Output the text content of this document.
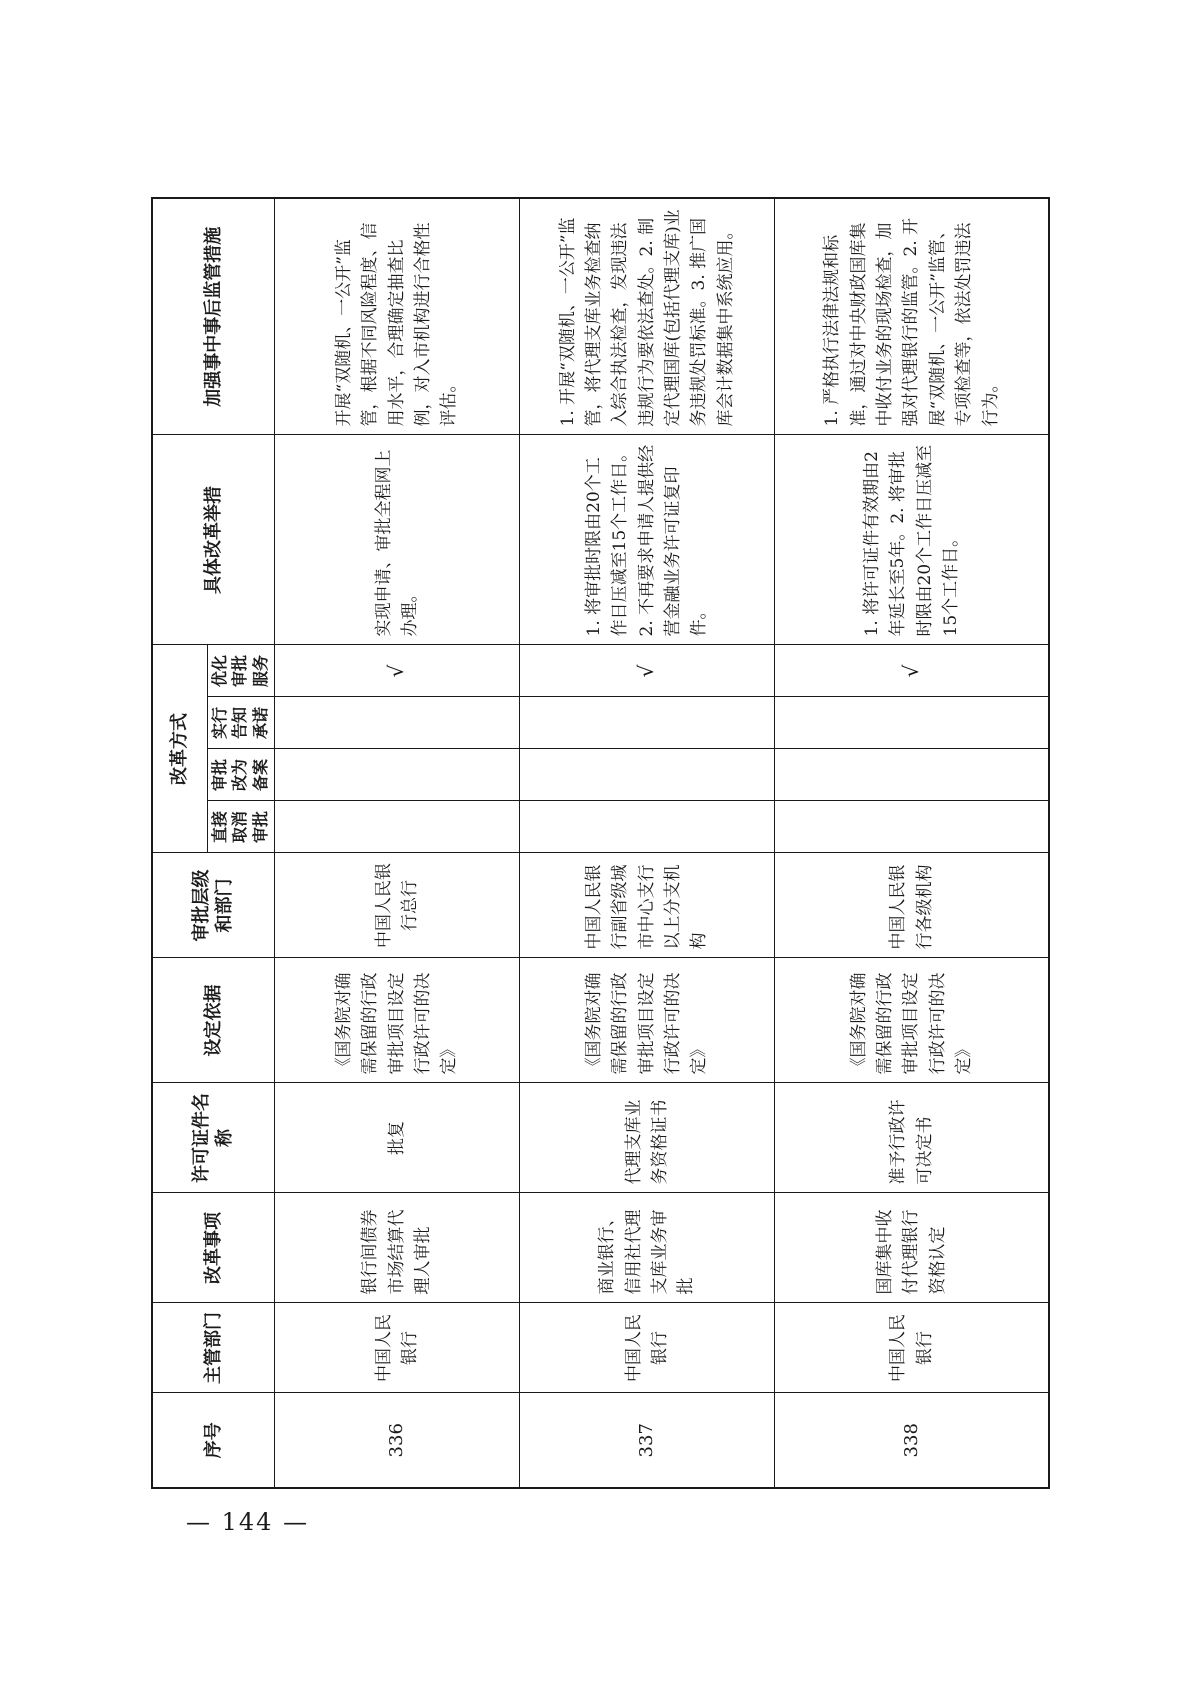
序号	主管部门	改革事项	许可证件名称	设定依据	审批层级和部门	改革方式				具体改革举措	加强事中事后监管措施
						直接取消审批	审批改为备案	实行告知承诺	优化审批服务		
336	中国人民银行	银行间债券市场结算代理人审批	批复	《国务院对确需保留的行政审批项目设定行政许可的决定》	中国人民银行总行				√	实现申请、审批全程网上办理。	开展“双随机、一公开”监管，根据不同风险程度、信用水平，合理确定抽查比例，对入市机构进行合格性评估。
337	中国人民银行	商业银行、信用社代理支库业务审批	代理支库业务资格证书	《国务院对确需保留的行政审批项目设定行政许可的决定》	中国人民银行副省级城市中心支行以上分支机构				√	1. 将审批时限由20个工作日压减至15个工作日。2. 不再要求申请人提供经营金融业务许可证复印件。	1. 开展“双随机、一公开”监管，将代理支库业务检查纳入综合执法检查，发现违法违规行为要依法查处。2. 制定代理国库(包括代理支库)业务违规处罚标准。3. 推广国库会计数据集中系统应用。
338	中国人民银行	国库集中收付代理银行资格认定	准予行政许可决定书	《国务院对确需保留的行政审批项目设定行政许可的决定》	中国人民银行各级机构				√	1. 将许可证件有效期由2年延长至5年。2. 将审批时限由20个工作日压减至15个工作日。	1. 严格执行法律法规和标准，通过对中央财政国库集中收付业务的现场检查，加强对代理银行的监管。2. 开展“双随机、一公开”监管、专项检查等，依法处罚违法行为。
— 144 —
